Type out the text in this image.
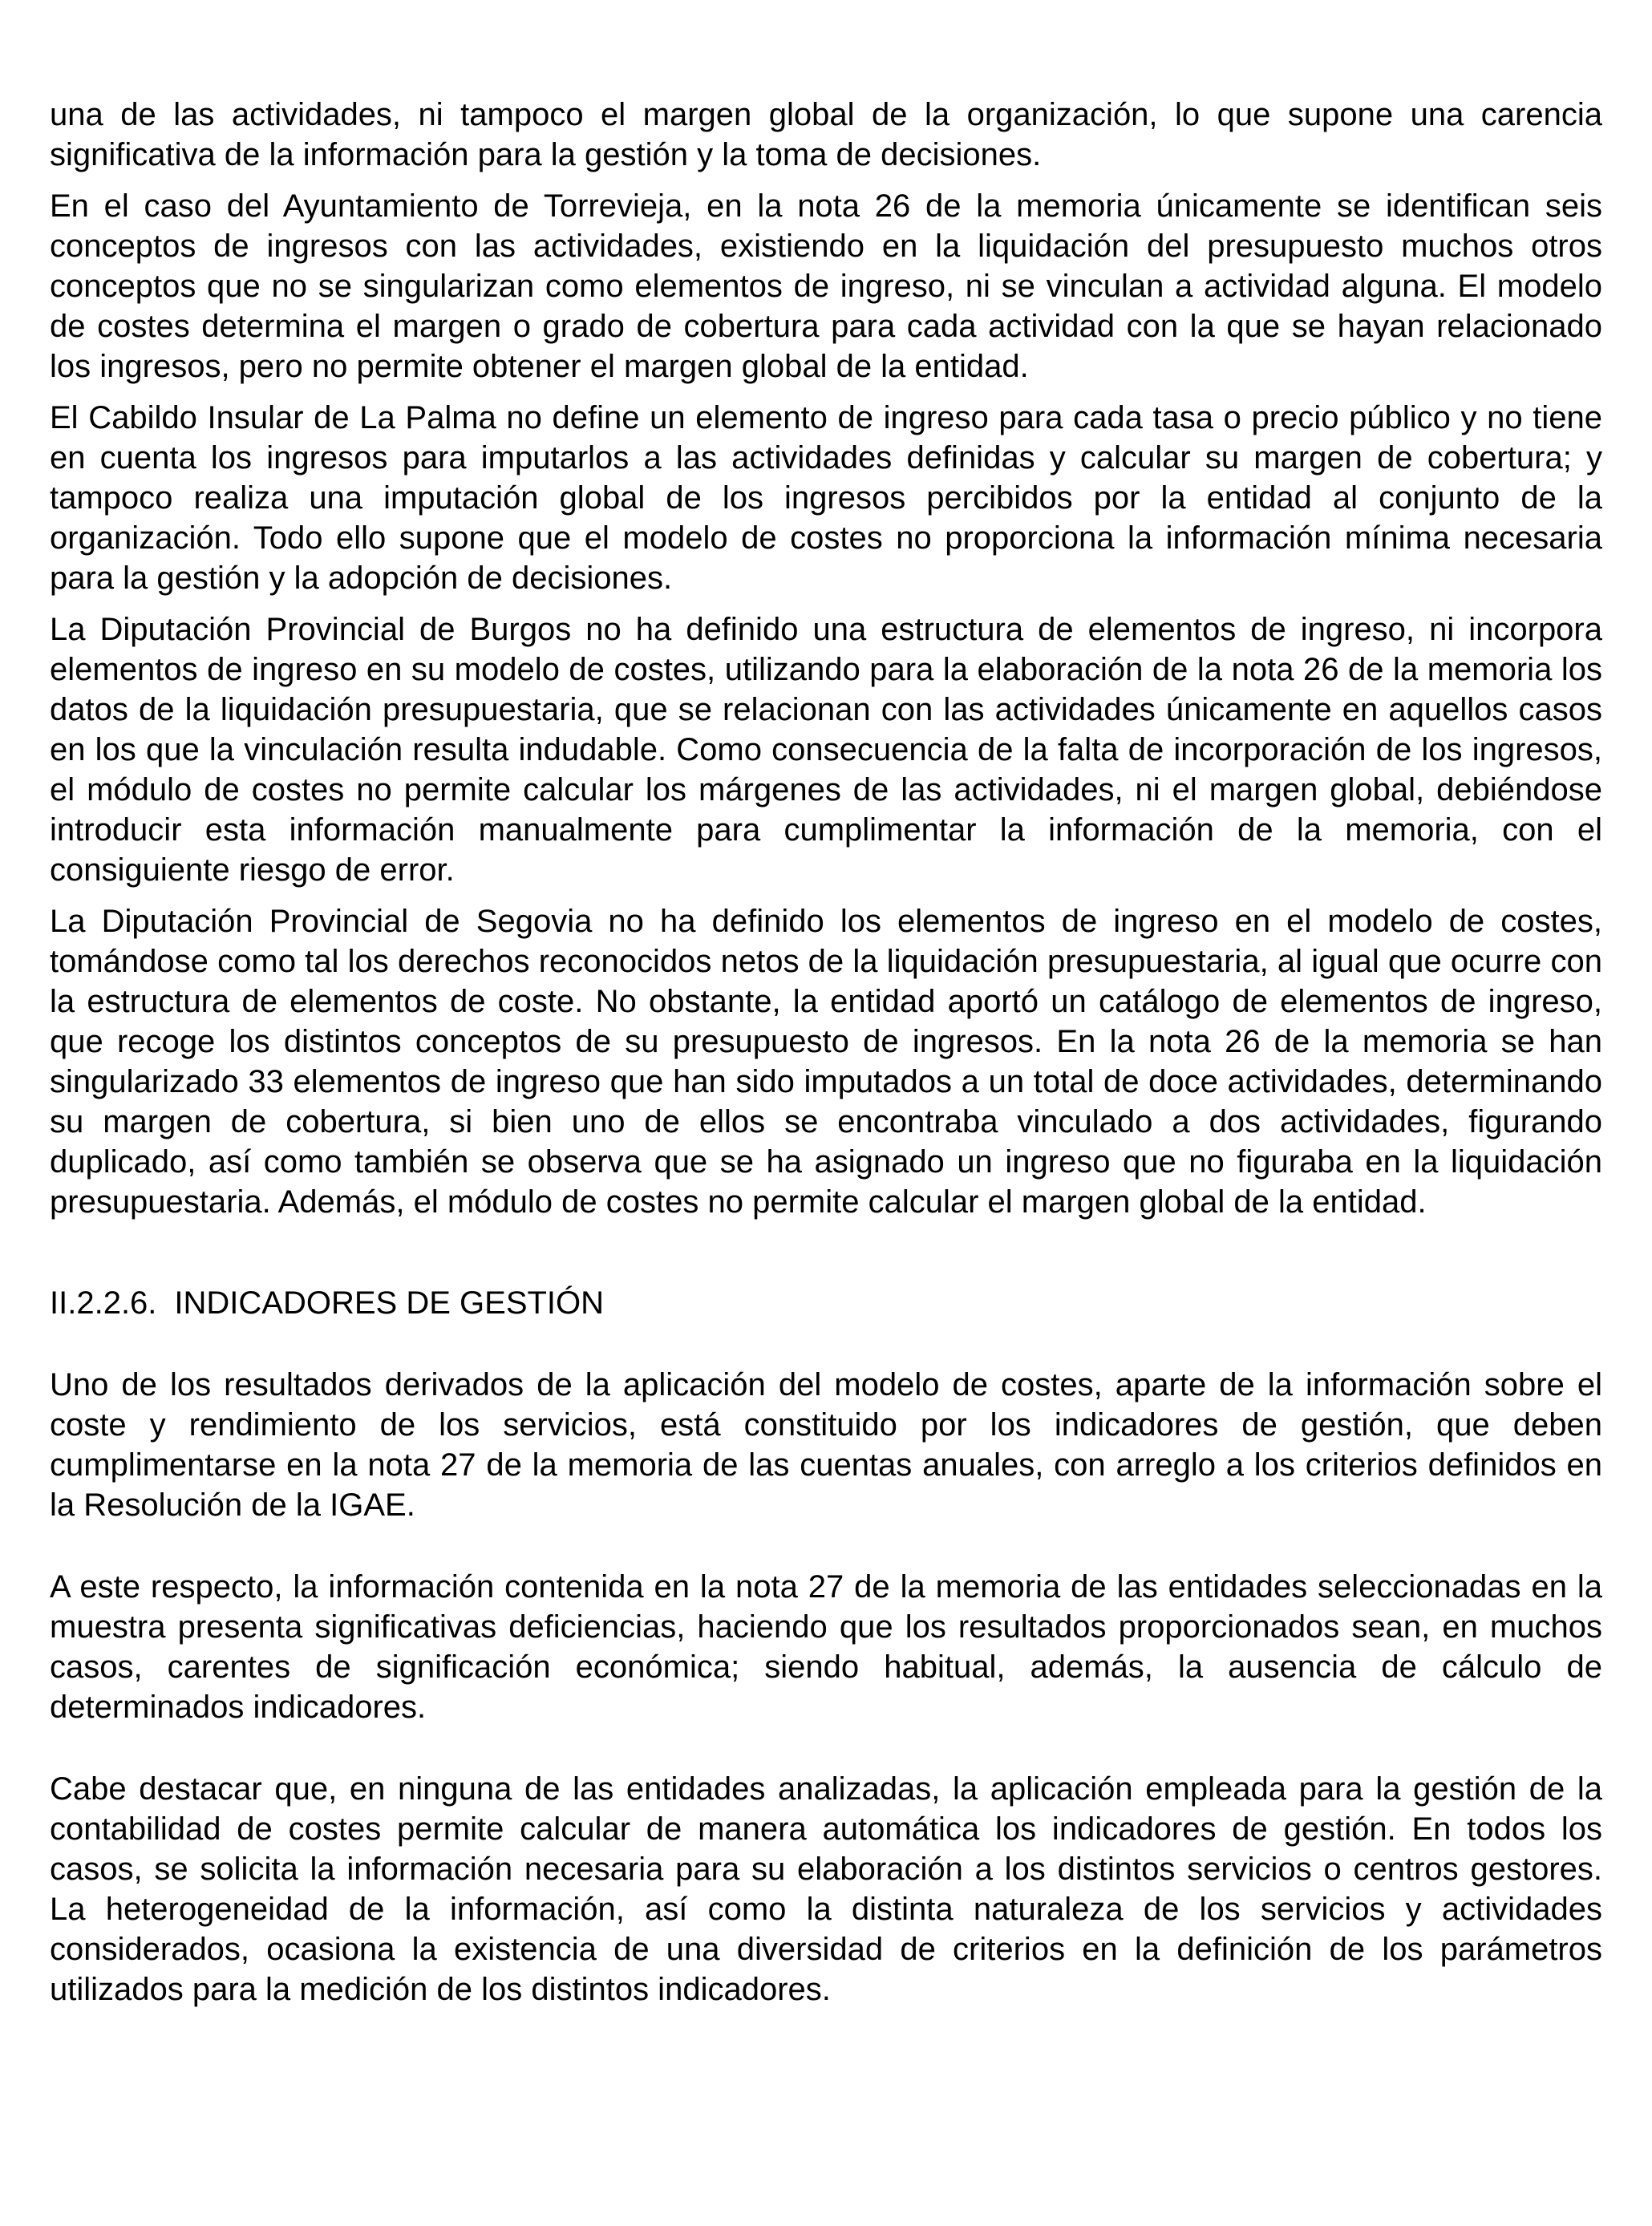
una de las actividades, ni tampoco el margen global de la organización, lo que supone una carencia significativa de la información para la gestión y la toma de decisiones.

En el caso del Ayuntamiento de Torrevieja, en la nota 26 de la memoria únicamente se identifican seis conceptos de ingresos con las actividades, existiendo en la liquidación del presupuesto muchos otros conceptos que no se singularizan como elementos de ingreso, ni se vinculan a actividad alguna. El modelo de costes determina el margen o grado de cobertura para cada actividad con la que se hayan relacionado los ingresos, pero no permite obtener el margen global de la entidad.

El Cabildo Insular de La Palma no define un elemento de ingreso para cada tasa o precio público y no tiene en cuenta los ingresos para imputarlos a las actividades definidas y calcular su margen de cobertura; y tampoco realiza una imputación global de los ingresos percibidos por la entidad al conjunto de la organización. Todo ello supone que el modelo de costes no proporciona la información mínima necesaria para la gestión y la adopción de decisiones.

La Diputación Provincial de Burgos no ha definido una estructura de elementos de ingreso, ni incorpora elementos de ingreso en su modelo de costes, utilizando para la elaboración de la nota 26 de la memoria los datos de la liquidación presupuestaria, que se relacionan con las actividades únicamente en aquellos casos en los que la vinculación resulta indudable. Como consecuencia de la falta de incorporación de los ingresos, el módulo de costes no permite calcular los márgenes de las actividades, ni el margen global, debiéndose introducir esta información manualmente para cumplimentar la información de la memoria, con el consiguiente riesgo de error.

La Diputación Provincial de Segovia no ha definido los elementos de ingreso en el modelo de costes, tomándose como tal los derechos reconocidos netos de la liquidación presupuestaria, al igual que ocurre con la estructura de elementos de coste. No obstante, la entidad aportó un catálogo de elementos de ingreso, que recoge los distintos conceptos de su presupuesto de ingresos. En la nota 26 de la memoria se han singularizado 33 elementos de ingreso que han sido imputados a un total de doce actividades, determinando su margen de cobertura, si bien uno de ellos se encontraba vinculado a dos actividades, figurando duplicado, así como también se observa que se ha asignado un ingreso que no figuraba en la liquidación presupuestaria. Además, el módulo de costes no permite calcular el margen global de la entidad.

II.2.2.6. INDICADORES DE GESTIÓN

Uno de los resultados derivados de la aplicación del modelo de costes, aparte de la información sobre el coste y rendimiento de los servicios, está constituido por los indicadores de gestión, que deben cumplimentarse en la nota 27 de la memoria de las cuentas anuales, con arreglo a los criterios definidos en la Resolución de la IGAE.

A este respecto, la información contenida en la nota 27 de la memoria de las entidades seleccionadas en la muestra presenta significativas deficiencias, haciendo que los resultados proporcionados sean, en muchos casos, carentes de significación económica; siendo habitual, además, la ausencia de cálculo de determinados indicadores.

Cabe destacar que, en ninguna de las entidades analizadas, la aplicación empleada para la gestión de la contabilidad de costes permite calcular de manera automática los indicadores de gestión. En todos los casos, se solicita la información necesaria para su elaboración a los distintos servicios o centros gestores. La heterogeneidad de la información, así como la distinta naturaleza de los servicios y actividades considerados, ocasiona la existencia de una diversidad de criterios en la definición de los parámetros utilizados para la medición de los distintos indicadores.
